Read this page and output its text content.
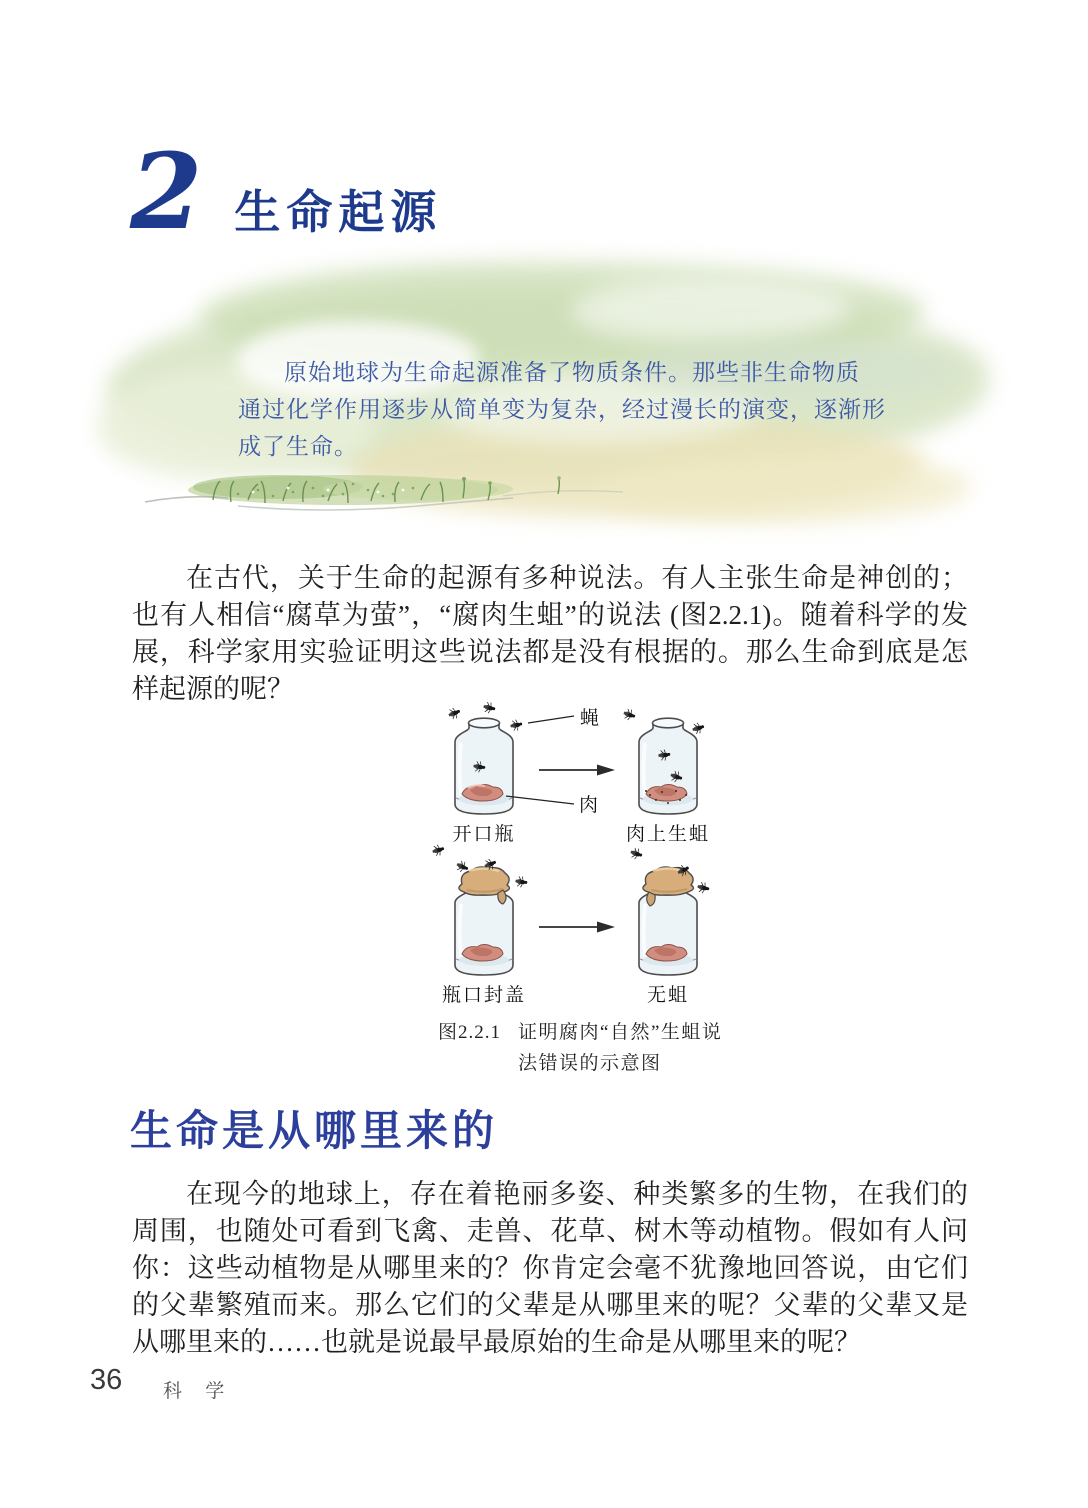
2 生命起源

原始地球为生命起源准备了物质条件。那些非生命物质

通过化学作用逐步从简单变为复杂，经过漫长的演变，逐渐形

成了生命。

在古代，关于生命的起源有多种说法。有人主张生命是神创的；也有人相信“腐草为萤”，“腐肉生蛆”的说法 (图2.2.1)。随着科学的发展，科学家用实验证明这些说法都是没有根据的。那么生命到底是怎样起源的呢？

蝇
肉
开口瓶	肉上生蛆
瓶口封盖	无蛆
图2.2.1 证明腐肉“自然”生蛆说法错误的示意图
生命是从哪里来的

在现今的地球上，存在着艳丽多姿、种类繁多的生物，在我们的周围，也随处可看到飞禽、走兽、花草、树木等动植物。假如有人问你：这些动植物是从哪里来的？你肯定会毫不犹豫地回答说，由它们的父辈繁殖而来。那么它们的父辈是从哪里来的呢？父辈的父辈又是从哪里来的……也就是说最早最原始的生命是从哪里来的呢？

36 科 学
